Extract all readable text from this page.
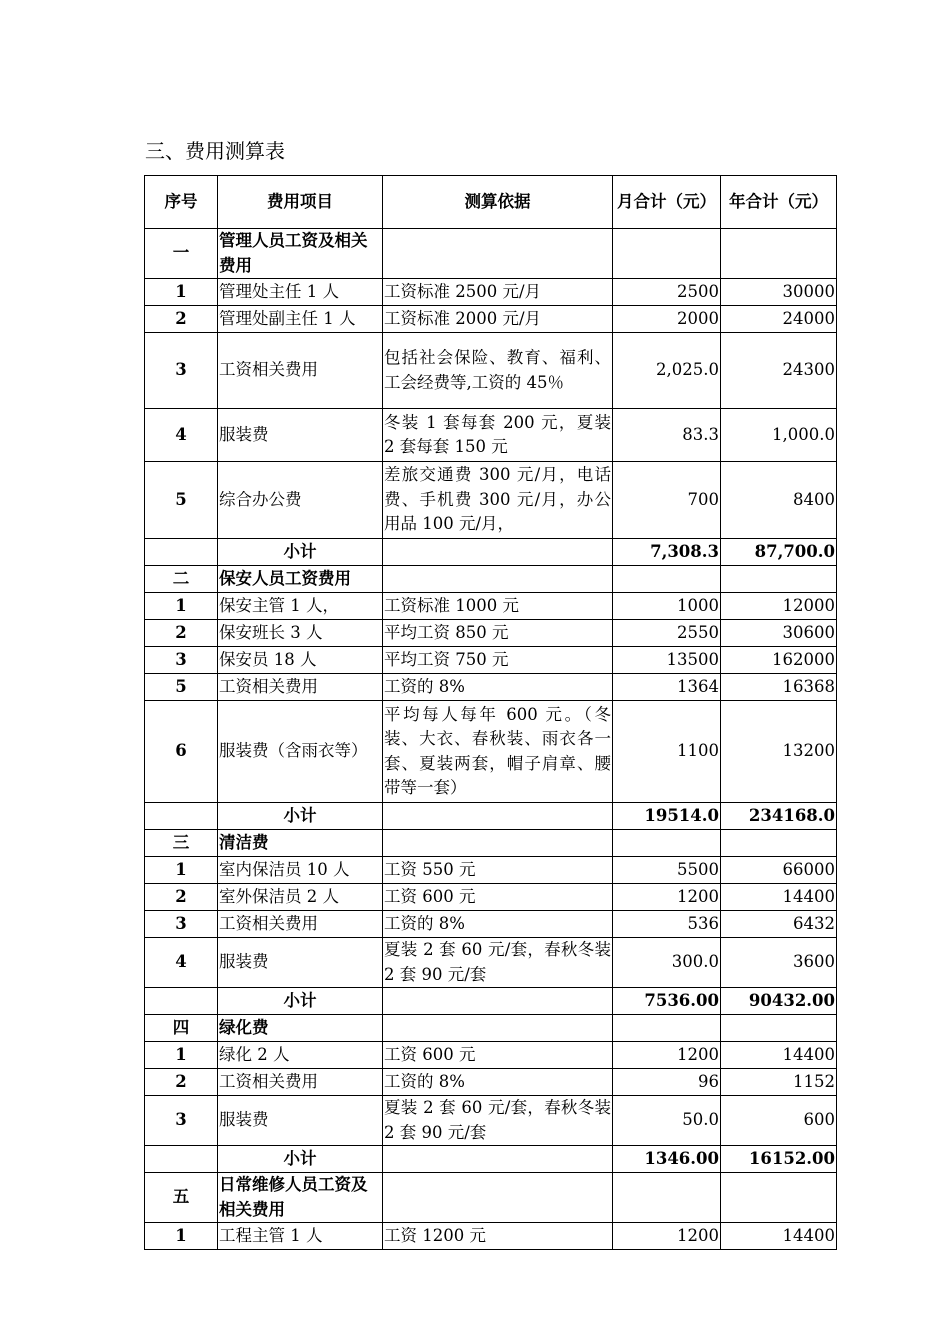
三、费用测算表
序号	费用项目	测算依据	月合计（元）	年合计（元）
一	管理人员工资及相关费用			
1	管理处主任 1 人	工资标准 2500 元/月	2500	30000
2	管理处副主任 1 人	工资标准 2000 元/月	2000	24000
3	工资相关费用	包括社会保险、教育、福利、工会经费等,工资的 45％	2,025.0	24300
4	服装费	冬装 1 套每套 200 元，夏装 2 套每套 150 元	83.3	1,000.0
5	综合办公费	差旅交通费 300 元/月，电话费、手机费 300 元/月，办公用品 100 元/月，	700	8400
	小计		7,308.3	87,700.0
二	保安人员工资费用			
1	保安主管 1 人，	工资标准 1000 元	1000	12000
2	保安班长 3 人	平均工资 850 元	2550	30600
3	保安员 18 人	平均工资 750 元	13500	162000
5	工资相关费用	工资的 8%	1364	16368
6	服装费（含雨衣等）	平均每人每年 600 元。（冬装、大衣、春秋装、雨衣各一套、夏装两套，帽子肩章、腰带等一套）	1100	13200
	小计		19514.0	234168.0
三	清洁费			
1	室内保洁员 10 人	工资 550 元	5500	66000
2	室外保洁员 2 人	工资 600 元	1200	14400
3	工资相关费用	工资的 8%	536	6432
4	服装费	夏装 2 套 60 元/套，春秋冬装 2 套 90 元/套	300.0	3600
	小计		7536.00	90432.00
四	绿化费			
1	绿化 2 人	工资 600 元	1200	14400
2	工资相关费用	工资的 8%	96	1152
3	服装费	夏装 2 套 60 元/套，春秋冬装 2 套 90 元/套	50.0	600
	小计		1346.00	16152.00
五	日常维修人员工资及相关费用			
1	工程主管 1 人	工资 1200 元	1200	14400
